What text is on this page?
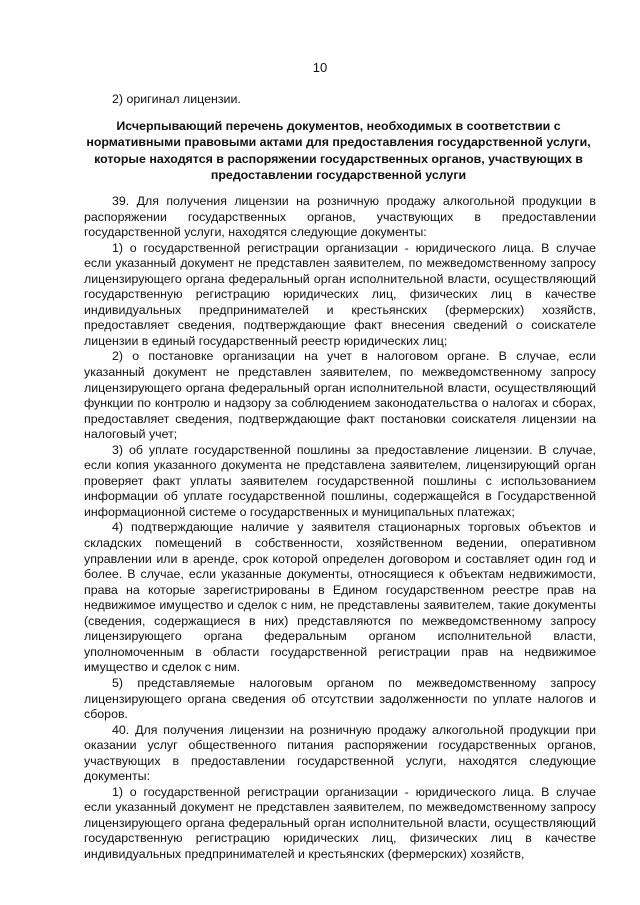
10
2) оригинал лицензии.
Исчерпывающий перечень документов, необходимых в соответствии с нормативными правовыми актами для предоставления государственной услуги, которые находятся в распоряжении государственных органов, участвующих в предоставлении государственной услуги

39. Для получения лицензии на розничную продажу алкогольной продукции в распоряжении государственных органов, участвующих в предоставлении государственной услуги, находятся следующие документы:

1) о государственной регистрации организации - юридического лица. В случае если указанный документ не представлен заявителем, по межведомственному запросу лицензирующего органа федеральный орган исполнительной власти, осуществляющий государственную регистрацию юридических лиц, физических лиц в качестве индивидуальных предпринимателей и крестьянских (фермерских) хозяйств, предоставляет сведения, подтверждающие факт внесения сведений о соискателе лицензии в единый государственный реестр юридических лиц;

2) о постановке организации на учет в налоговом органе. В случае, если указанный документ не представлен заявителем, по межведомственному запросу лицензирующего органа федеральный орган исполнительной власти, осуществляющий функции по контролю и надзору за соблюдением законодательства о налогах и сборах, предоставляет сведения, подтверждающие факт постановки соискателя лицензии на налоговый учет;

3) об уплате государственной пошлины за предоставление лицензии. В случае, если копия указанного документа не представлена заявителем, лицензирующий орган проверяет факт уплаты заявителем государственной пошлины с использованием информации об уплате государственной пошлины, содержащейся в Государственной информационной системе о государственных и муниципальных платежах;

4) подтверждающие наличие у заявителя стационарных торговых объектов и складских помещений в собственности, хозяйственном ведении, оперативном управлении или в аренде, срок которой определен договором и составляет один год и более. В случае, если указанные документы, относящиеся к объектам недвижимости, права на которые зарегистрированы в Едином государственном реестре прав на недвижимое имущество и сделок с ним, не представлены заявителем, такие документы (сведения, содержащиеся в них) представляются по межведомственному запросу лицензирующего органа федеральным органом исполнительной власти, уполномоченным в области государственной регистрации прав на недвижимое имущество и сделок с ним.

5) представляемые налоговым органом по межведомственному запросу лицензирующего органа сведения об отсутствии задолженности по уплате налогов и сборов.

40. Для получения лицензии на розничную продажу алкогольной продукции при оказании услуг общественного питания распоряжении государственных органов, участвующих в предоставлении государственной услуги, находятся следующие документы:

1) о государственной регистрации организации - юридического лица. В случае если указанный документ не представлен заявителем, по межведомственному запросу лицензирующего органа федеральный орган исполнительной власти, осуществляющий государственную регистрацию юридических лиц, физических лиц в качестве индивидуальных предпринимателей и крестьянских (фермерских) хозяйств,
